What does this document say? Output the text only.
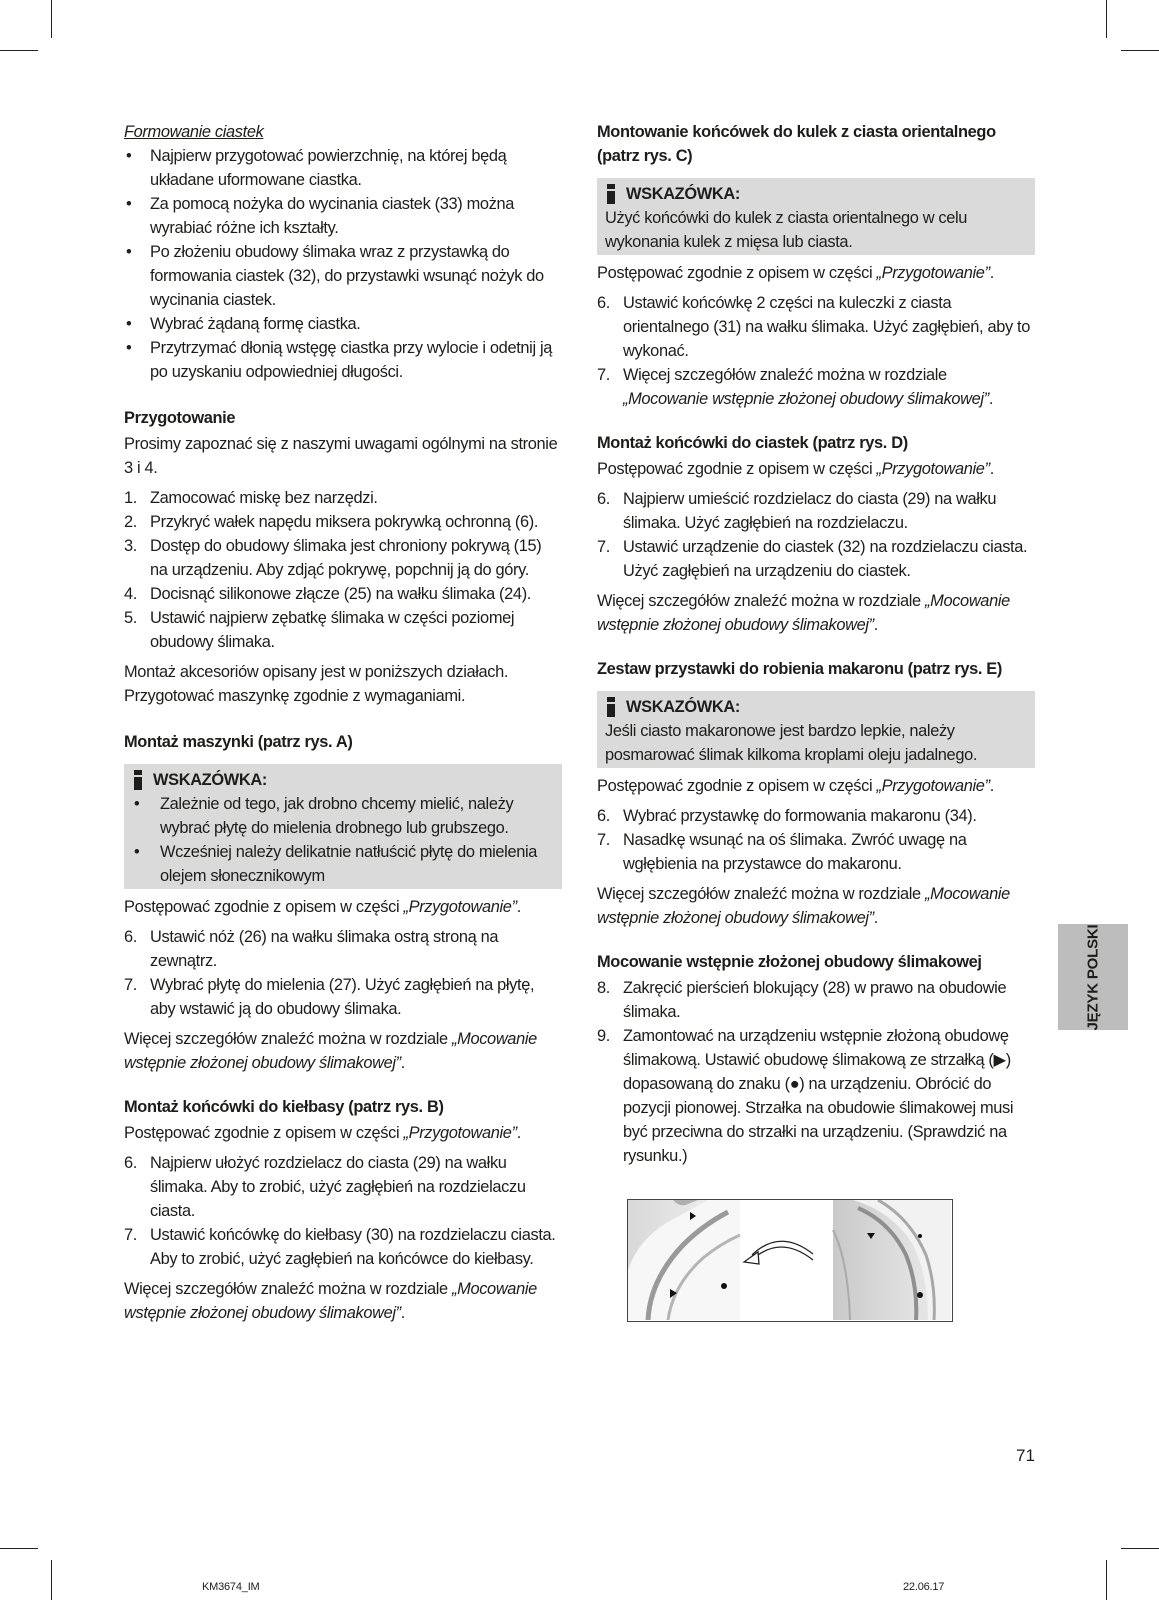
Formowanie ciastek

• Najpierw przygotować powierzchnię, na której będą układane uformowane ciastka.
• Za pomocą nożyka do wycinania ciastek (33) można wyrabiać różne ich kształty.
• Po złożeniu obudowy ślimaka wraz z przystawką do formowania ciastek (32), do przystawki wsunąć nożyk do wycinania ciastek.
• Wybrać żądaną formę ciastka.
• Przytrzymać dłonią wstęgę ciastka przy wylocie i odetnij ją po uzyskaniu odpowiedniej długości.

Przygotowanie

Prosimy zapoznać się z naszymi uwagami ogólnymi na stronie 3 i 4.

1. Zamocować miskę bez narzędzi.
2. Przykryć wałek napędu miksera pokrywką ochronną (6).
3. Dostęp do obudowy ślimaka jest chroniony pokrywą (15) na urządzeniu. Aby zdjąć pokrywę, popchnij ją do góry.
4. Docisnąć silikonowe złącze (25) na wałku ślimaka (24).
5. Ustawić najpierw zębatkę ślimaka w części poziomej obudowy ślimaka.

Montaż akcesoriów opisany jest w poniższych działach. Przygotować maszynkę zgodnie z wymaganiami.

Montaż maszynki (patrz rys. A)

WSKAZÓWKA:
• Zależnie od tego, jak drobno chcemy mielić, należy wybrać płytę do mielenia drobnego lub grubszego.
• Wcześniej należy delikatnie natłuścić płytę do mielenia olejem słonecznikowym

Postępować zgodnie z opisem w części „Przygotowanie”.

6. Ustawić nóż (26) na wałku ślimaka ostrą stroną na zewnątrz.
7. Wybrać płytę do mielenia (27). Użyć zagłębień na płytę, aby wstawić ją do obudowy ślimaka.

Więcej szczegółów znaleźć można w rozdziale „Mocowanie wstępnie złożonej obudowy ślimakowej”.

Montaż końcówki do kiełbasy (patrz rys. B)

Postępować zgodnie z opisem w części „Przygotowanie”.

6. Najpierw ułożyć rozdzielacz do ciasta (29) na wałku ślimaka. Aby to zrobić, użyć zagłębień na rozdzielaczu ciasta.
7. Ustawić końcówkę do kiełbasy (30) na rozdzielaczu ciasta. Aby to zrobić, użyć zagłębień na końcówce do kiełbasy.

Więcej szczegółów znaleźć można w rozdziale „Mocowanie wstępnie złożonej obudowy ślimakowej”.

Montowanie końcówek do kulek z ciasta orientalnego (patrz rys. C)

WSKAZÓWKA:

Użyć końcówki do kulek z ciasta orientalnego w celu wykonania kulek z mięsa lub ciasta.

Postępować zgodnie z opisem w części „Przygotowanie”.

6. Ustawić końcówkę 2 części na kuleczki z ciasta orientalnego (31) na wałku ślimaka. Użyć zagłębień, aby to wykonać.
7. Więcej szczegółów znaleźć można w rozdziale „Mocowanie wstępnie złożonej obudowy ślimakowej”.

Montaż końcówki do ciastek (patrz rys. D)

Postępować zgodnie z opisem w części „Przygotowanie”.

6. Najpierw umieścić rozdzielacz do ciasta (29) na wałku ślimaka. Użyć zagłębień na rozdzielaczu.
7. Ustawić urządzenie do ciastek (32) na rozdzielaczu ciasta. Użyć zagłębień na urządzeniu do ciastek.

Więcej szczegółów znaleźć można w rozdziale „Mocowanie wstępnie złożonej obudowy ślimakowej”.

Zestaw przystawki do robienia makaronu (patrz rys. E)

WSKAZÓWKA:

Jeśli ciasto makaronowe jest bardzo lepkie, należy posmarować ślimak kilkoma kroplami oleju jadalnego.

Postępować zgodnie z opisem w części „Przygotowanie”.

6. Wybrać przystawkę do formowania makaronu (34).
7. Nasadkę wsunąć na oś ślimaka. Zwróć uwagę na wgłębienia na przystawce do makaronu.

Więcej szczegółów znaleźć można w rozdziale „Mocowanie wstępnie złożonej obudowy ślimakowej”.

Mocowanie wstępnie złożonej obudowy ślimakowej

8. Zakręcić pierścień blokujący (28) w prawo na obudowie ślimaka.
9. Zamontować na urządzeniu wstępnie złożoną obudowę ślimakową. Ustawić obudowę ślimakową ze strzałką (▶) dopasowaną do znaku (●) na urządzeniu. Obrócić do pozycji pionowej. Strzałka na obudowie ślimakowej musi być przeciwna do strzałki na urządzeniu. (Sprawdzić na rysunku.)
JĘZYK POLSKI
71
KM3674_IM	22.06.17
